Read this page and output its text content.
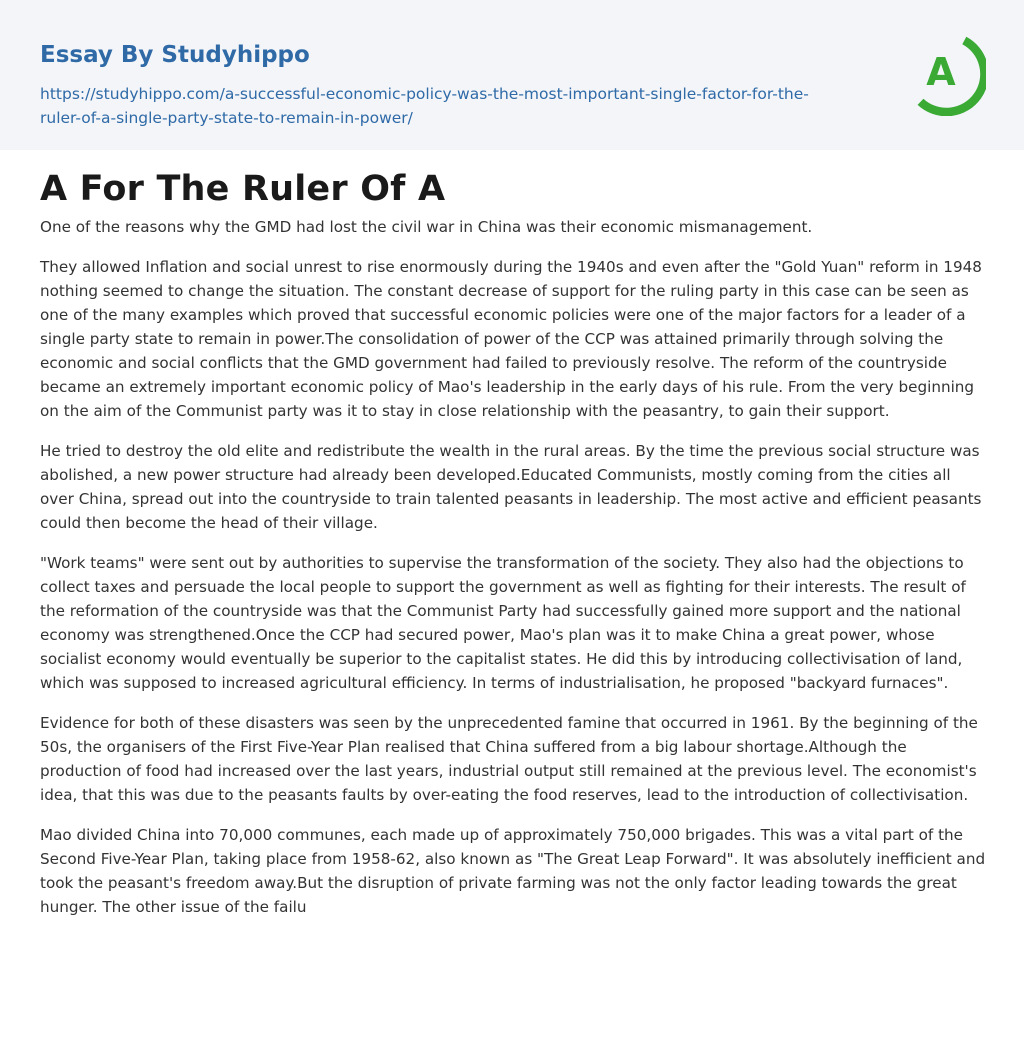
Essay By Studyhippo
https://studyhippo.com/a-successful-economic-policy-was-the-most-important-single-factor-for-the-ruler-of-a-single-party-state-to-remain-in-power/
A
A For The Ruler Of A

One of the reasons why the GMD had lost the civil war in China was their economic mismanagement.

They allowed Inflation and social unrest to rise enormously during the 1940s and even after the "Gold Yuan" reform in 1948 nothing seemed to change the situation. The constant decrease of support for the ruling party in this case can be seen as one of the many examples which proved that successful economic policies were one of the major factors for a leader of a single party state to remain in power.The consolidation of power of the CCP was attained primarily through solving the economic and social conflicts that the GMD government had failed to previously resolve. The reform of the countryside became an extremely important economic policy of Mao's leadership in the early days of his rule. From the very beginning on the aim of the Communist party was it to stay in close relationship with the peasantry, to gain their support.

He tried to destroy the old elite and redistribute the wealth in the rural areas. By the time the previous social structure was abolished, a new power structure had already been developed.Educated Communists, mostly coming from the cities all over China, spread out into the countryside to train talented peasants in leadership. The most active and efficient peasants could then become the head of their village.

"Work teams" were sent out by authorities to supervise the transformation of the society. They also had the objections to collect taxes and persuade the local people to support the government as well as fighting for their interests. The result of the reformation of the countryside was that the Communist Party had successfully gained more support and the national economy was strengthened.Once the CCP had secured power, Mao's plan was it to make China a great power, whose socialist economy would eventually be superior to the capitalist states. He did this by introducing collectivisation of land, which was supposed to increased agricultural efficiency. In terms of industrialisation, he proposed "backyard furnaces".

Evidence for both of these disasters was seen by the unprecedented famine that occurred in 1961. By the beginning of the 50s, the organisers of the First Five-Year Plan realised that China suffered from a big labour shortage.Although the production of food had increased over the last years, industrial output still remained at the previous level. The economist's idea, that this was due to the peasants faults by over-eating the food reserves, lead to the introduction of collectivisation.

Mao divided China into 70,000 communes, each made up of approximately 750,000 brigades. This was a vital part of the Second Five-Year Plan, taking place from 1958-62, also known as "The Great Leap Forward". It was absolutely inefficient and took the peasant's freedom away.But the disruption of private farming was not the only factor leading towards the great hunger. The other issue of the failu
